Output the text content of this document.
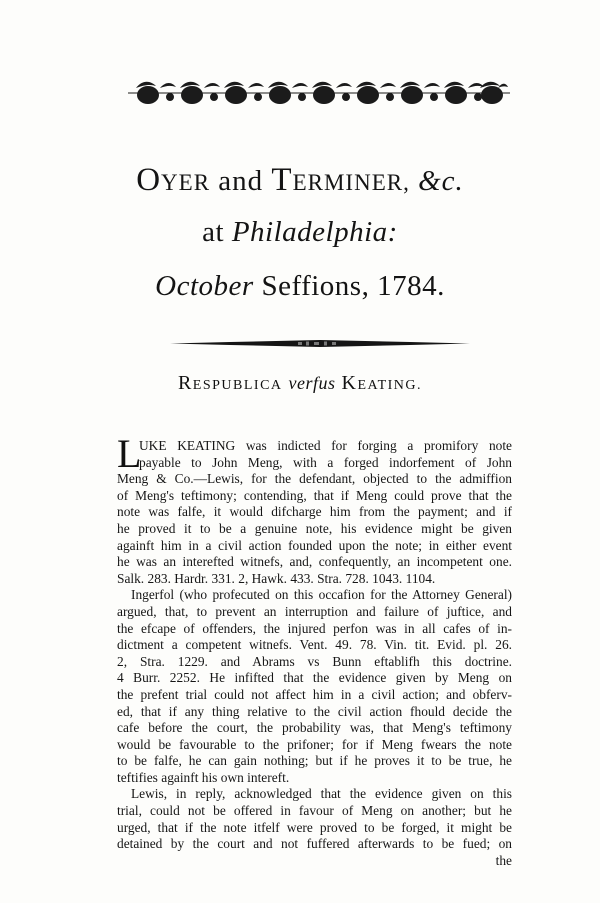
OYER and TERMINER, &c.
at Philadelphia:
October Seffions, 1784.
RESPUBLICA verfus KEATING.
L
UKE KEATING was indicted for forging a promifory note
payable to John Meng, with a forged indorfement of John
Meng & Co.—Lewis, for the defendant, objected to the admiffion
of Meng's teftimony; contending, that if Meng could prove that the
note was falfe, it would difcharge him from the payment; and if
he proved it to be a genuine note, his evidence might be given
againft him in a civil action founded upon the note; in either event
he was an interefted witnefs, and, confequently, an incompetent one.
Salk. 283. Hardr. 331. 2, Hawk. 433. Stra. 728. 1043. 1104.
Ingerfol (who profecuted on this occafion for the Attorney General)
argued, that, to prevent an interruption and failure of juftice, and
the efcape of offenders, the injured perfon was in all cafes of in-
dictment a competent witnefs. Vent. 49. 78. Vin. tit. Evid. pl. 26.
2, Stra. 1229. and Abrams vs Bunn eftablifh this doctrine.
4 Burr. 2252. He infifted that the evidence given by Meng on
the prefent trial could not affect him in a civil action; and obferv-
ed, that if any thing relative to the civil action fhould decide the
cafe before the court, the probability was, that Meng's teftimony
would be favourable to the prifoner; for if Meng fwears the note
to be falfe, he can gain nothing; but if he proves it to be true, he
teftifies againft his own intereft.
Lewis, in reply, acknowledged that the evidence given on this
trial, could not be offered in favour of Meng on another; but he
urged, that if the note itfelf were proved to be forged, it might be
detained by the court and not fuffered afterwards to be fued; on
the
